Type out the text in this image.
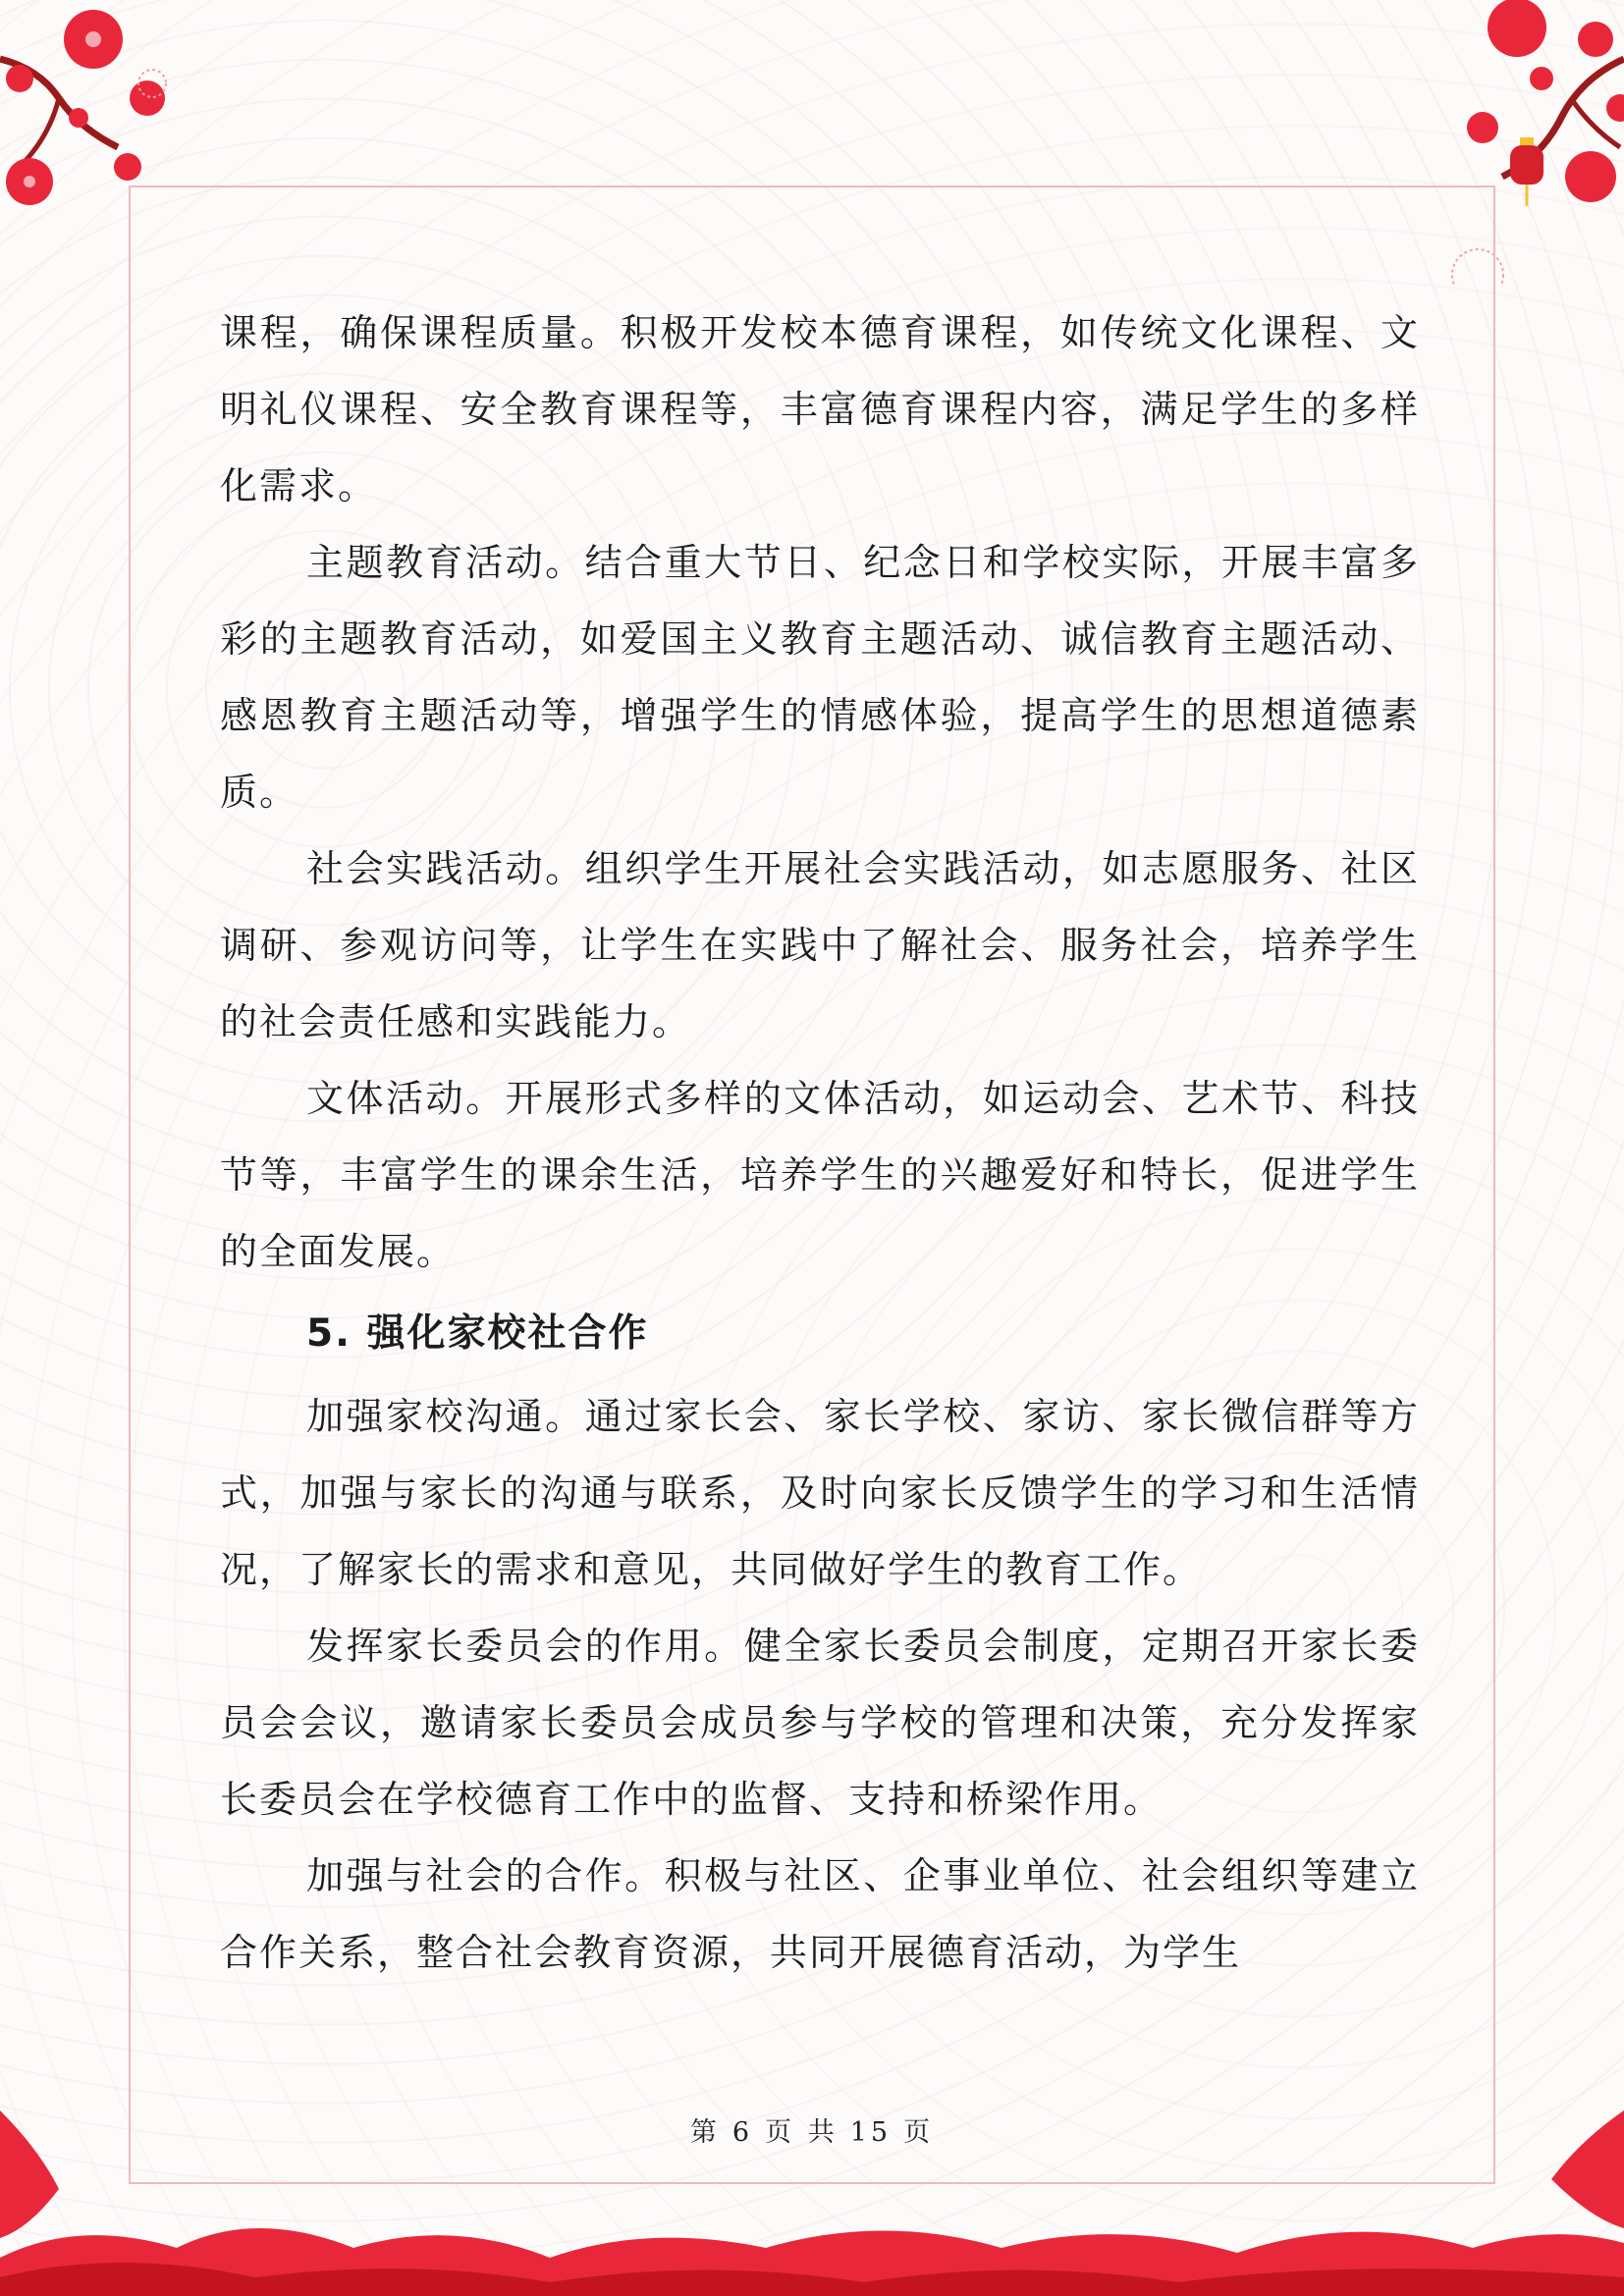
课程，确保课程质量。积极开发校本德育课程，如传统文化课程、文明礼仪课程、安全教育课程等，丰富德育课程内容，满足学生的多样化需求。

主题教育活动。结合重大节日、纪念日和学校实际，开展丰富多彩的主题教育活动，如爱国主义教育主题活动、诚信教育主题活动、感恩教育主题活动等，增强学生的情感体验，提高学生的思想道德素质。

社会实践活动。组织学生开展社会实践活动，如志愿服务、社区调研、参观访问等，让学生在实践中了解社会、服务社会，培养学生的社会责任感和实践能力。

文体活动。开展形式多样的文体活动，如运动会、艺术节、科技节等，丰富学生的课余生活，培养学生的兴趣爱好和特长，促进学生的全面发展。

5. 强化家校社合作

加强家校沟通。通过家长会、家长学校、家访、家长微信群等方式，加强与家长的沟通与联系，及时向家长反馈学生的学习和生活情况，了解家长的需求和意见，共同做好学生的教育工作。

发挥家长委员会的作用。健全家长委员会制度，定期召开家长委员会会议，邀请家长委员会成员参与学校的管理和决策，充分发挥家长委员会在学校德育工作中的监督、支持和桥梁作用。

加强与社会的合作。积极与社区、企事业单位、社会组织等建立合作关系，整合社会教育资源，共同开展德育活动，为学生

第 6 页 共 15 页
